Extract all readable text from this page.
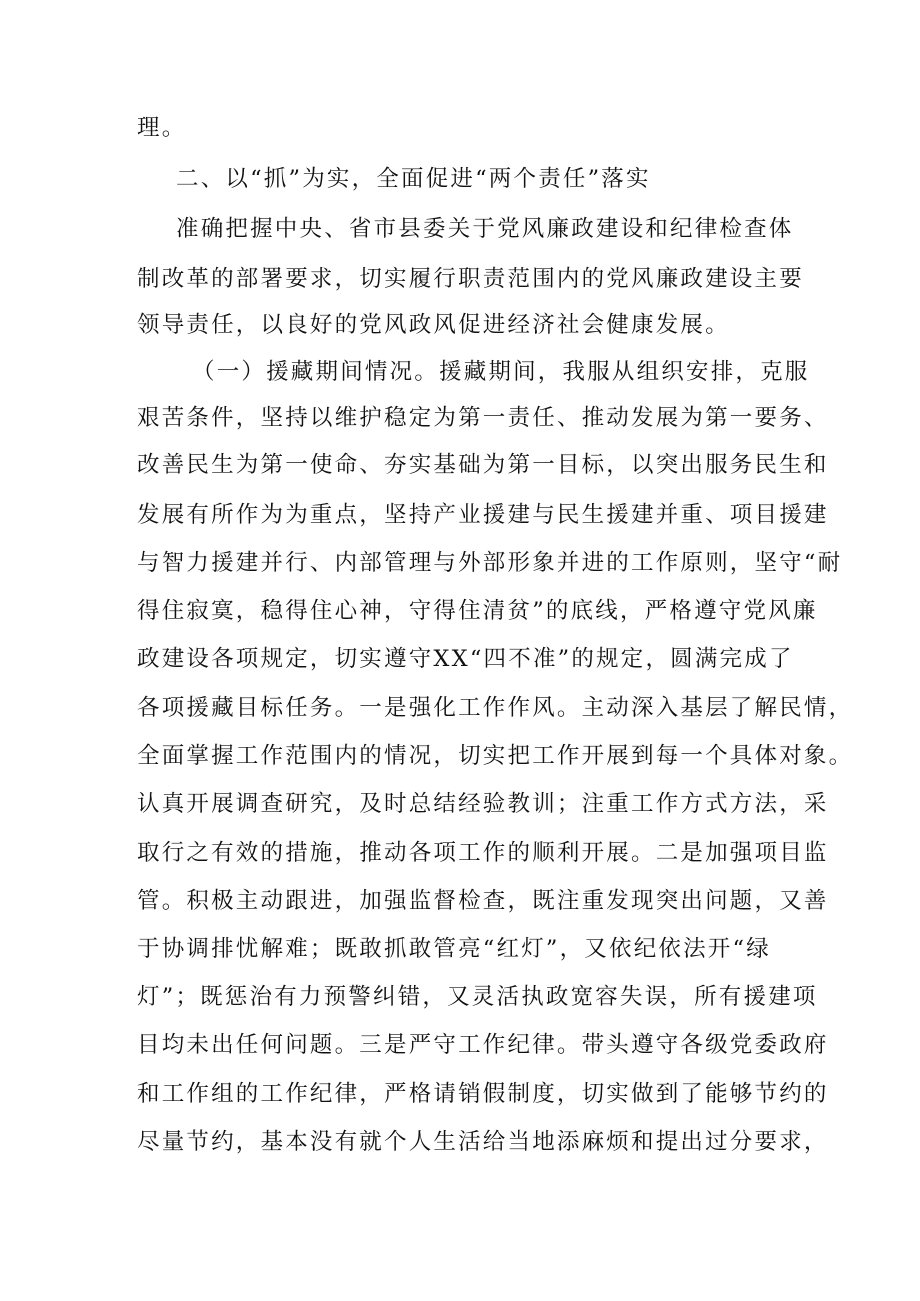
理。

二、以“抓”为实，全面促进“两个责任”落实

准确把握中央、省市县委关于党风廉政建设和纪律检查体

制改革的部署要求，切实履行职责范围内的党风廉政建设主要

领导责任，以良好的党风政风促进经济社会健康发展。

（一）援藏期间情况。援藏期间，我服从组织安排，克服

艰苦条件，坚持以维护稳定为第一责任、推动发展为第一要务、

改善民生为第一使命、夯实基础为第一目标，以突出服务民生和

发展有所作为为重点，坚持产业援建与民生援建并重、项目援建

与智力援建并行、内部管理与外部形象并进的工作原则，坚守“耐

得住寂寞，稳得住心神，守得住清贫”的底线，严格遵守党风廉

政建设各项规定，切实遵守XX“四不准”的规定，圆满完成了

各项援藏目标任务。一是强化工作作风。主动深入基层了解民情，

全面掌握工作范围内的情况，切实把工作开展到每一个具体对象。

认真开展调查研究，及时总结经验教训；注重工作方式方法，采

取行之有效的措施，推动各项工作的顺利开展。二是加强项目监

管。积极主动跟进，加强监督检查，既注重发现突出问题，又善

于协调排忧解难；既敢抓敢管亮“红灯”，又依纪依法开“绿

灯”；既惩治有力预警纠错，又灵活执政宽容失误，所有援建项

目均未出任何问题。三是严守工作纪律。带头遵守各级党委政府

和工作组的工作纪律，严格请销假制度，切实做到了能够节约的

尽量节约，基本没有就个人生活给当地添麻烦和提出过分要求，
